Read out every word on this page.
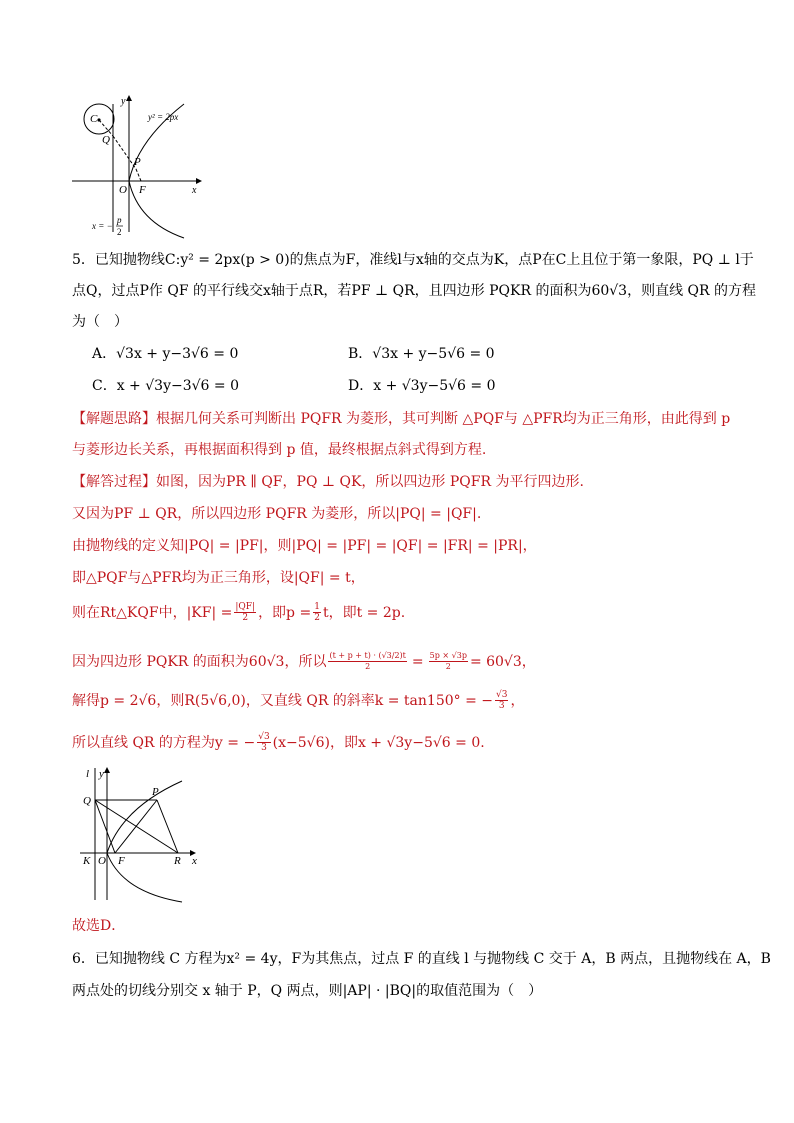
C
y
y² = 2px
Q
P
O F	x
x = −
p
2
5．已知抛物线C:y² = 2px(p > 0)的焦点为F，准线l与x轴的交点为K，点P在C上且位于第一象限，PQ ⊥ l于
点Q，过点P作 QF 的平行线交x轴于点R，若PF ⊥ QR，且四边形 PQKR 的面积为60√3，则直线 QR 的方程
为（　）
A．√3x + y−3√6 = 0	B．√3x + y−5√6 = 0
C．x + √3y−3√6 = 0	D．x + √3y−5√6 = 0
【解题思路】根据几何关系可判断出 PQFR 为菱形，其可判断 △PQF与 △PFR均为正三角形，由此得到 p
与菱形边长关系，再根据面积得到 p 值，最终根据点斜式得到方程.
【解答过程】如图，因为PR ∥ QF，PQ ⊥ QK，所以四边形 PQFR 为平行四边形.
又因为PF ⊥ QR，所以四边形 PQFR 为菱形，所以|PQ| = |QF|.
由抛物线的定义知|PQ| = |PF|，则|PQ| = |PF| = |QF| = |FR| = |PR|，
即△PQF与△PFR均为正三角形，设|QF| = t，
则在Rt△KQF中，$|KF| = \frac{|QF|}{2}$ ，即$p = \frac{1}{2}$ t，即t = 2p.
因为四边形 PQKR 的面积为60√3，所以 $\frac{(t + p + t) \cdot (√3/2)t}{2} = \frac{5p \times √3p}{2} = 60√3$，
解得p = 2√6，则R(5√6,0)，又直线 QR 的斜率k = tan150° = − $\frac{√3}{3}$ ，
所以直线 QR 的方程为y = − $\frac{√3}{3} (x-5√6)$，即x + √3y−5√6 = 0.
l y
Q
P
K O F	R x
故选D．
6．已知抛物线 C 方程为x² = 4y，F为其焦点，过点 F 的直线 l 与抛物线 C 交于 A，B 两点，且抛物线在 A，B
两点处的切线分别交 x 轴于 P，Q 两点，则|AP| · |BQ|的取值范围为（　）
